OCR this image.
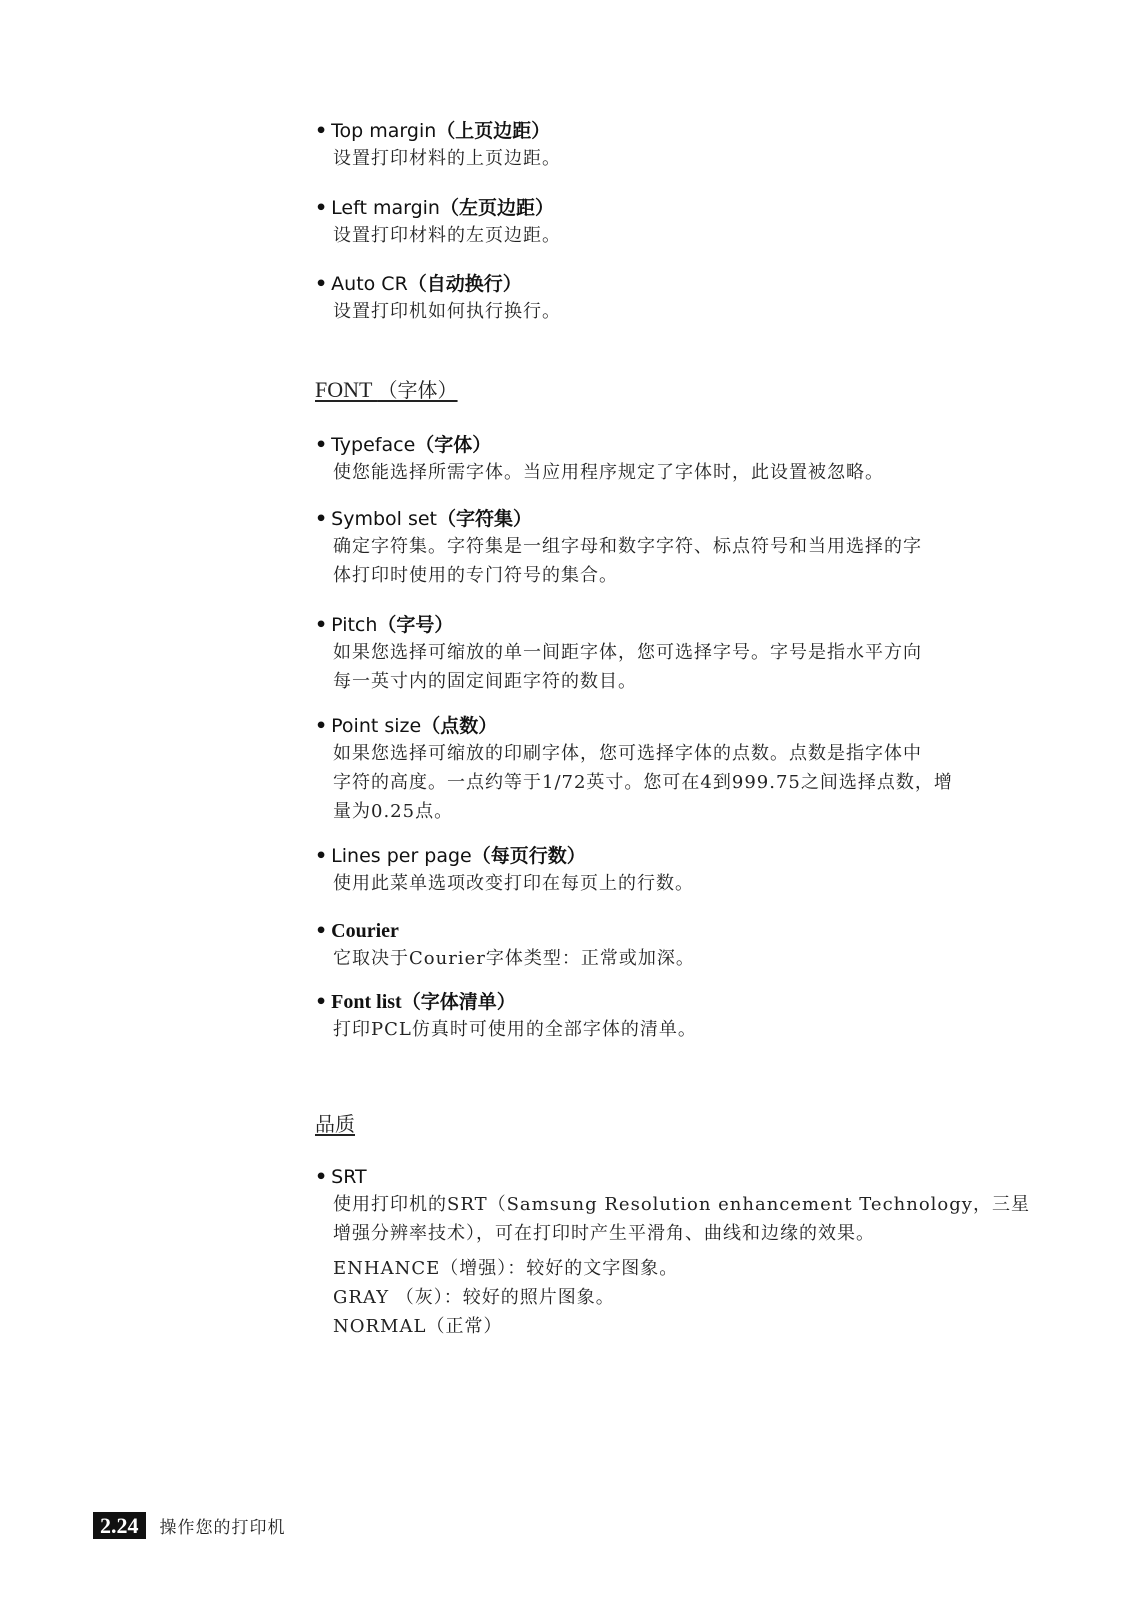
• Top margin（上页边距）
设置打印材料的上页边距。
• Left margin（左页边距）
设置打印材料的左页边距。
• Auto CR（自动换行）
设置打印机如何执行换行。
FONT （字体）
• Typeface（字体）
使您能选择所需字体。当应用程序规定了字体时，此设置被忽略。
• Symbol set（字符集）
确定字符集。字符集是一组字母和数字字符、标点符号和当用选择的字
体打印时使用的专门符号的集合。
• Pitch（字号）
如果您选择可缩放的单一间距字体，您可选择字号。字号是指水平方向
每一英寸内的固定间距字符的数目。
• Point size（点数）
如果您选择可缩放的印刷字体，您可选择字体的点数。点数是指字体中
字符的高度。一点约等于1/72英寸。您可在4到999.75之间选择点数，增
量为0.25点。
• Lines per page（每页行数）
使用此菜单选项改变打印在每页上的行数。
• Courier
它取决于Courier字体类型：正常或加深。
• Font list（字体清单）
打印PCL仿真时可使用的全部字体的清单。
品质
• SRT
使用打印机的SRT（Samsung Resolution enhancement Technology，三星
增强分辨率技术），可在打印时产生平滑角、曲线和边缘的效果。
ENHANCE（增强）：较好的文字图象。
GRAY （灰）：较好的照片图象。
NORMAL（正常）
2.24	操作您的打印机
